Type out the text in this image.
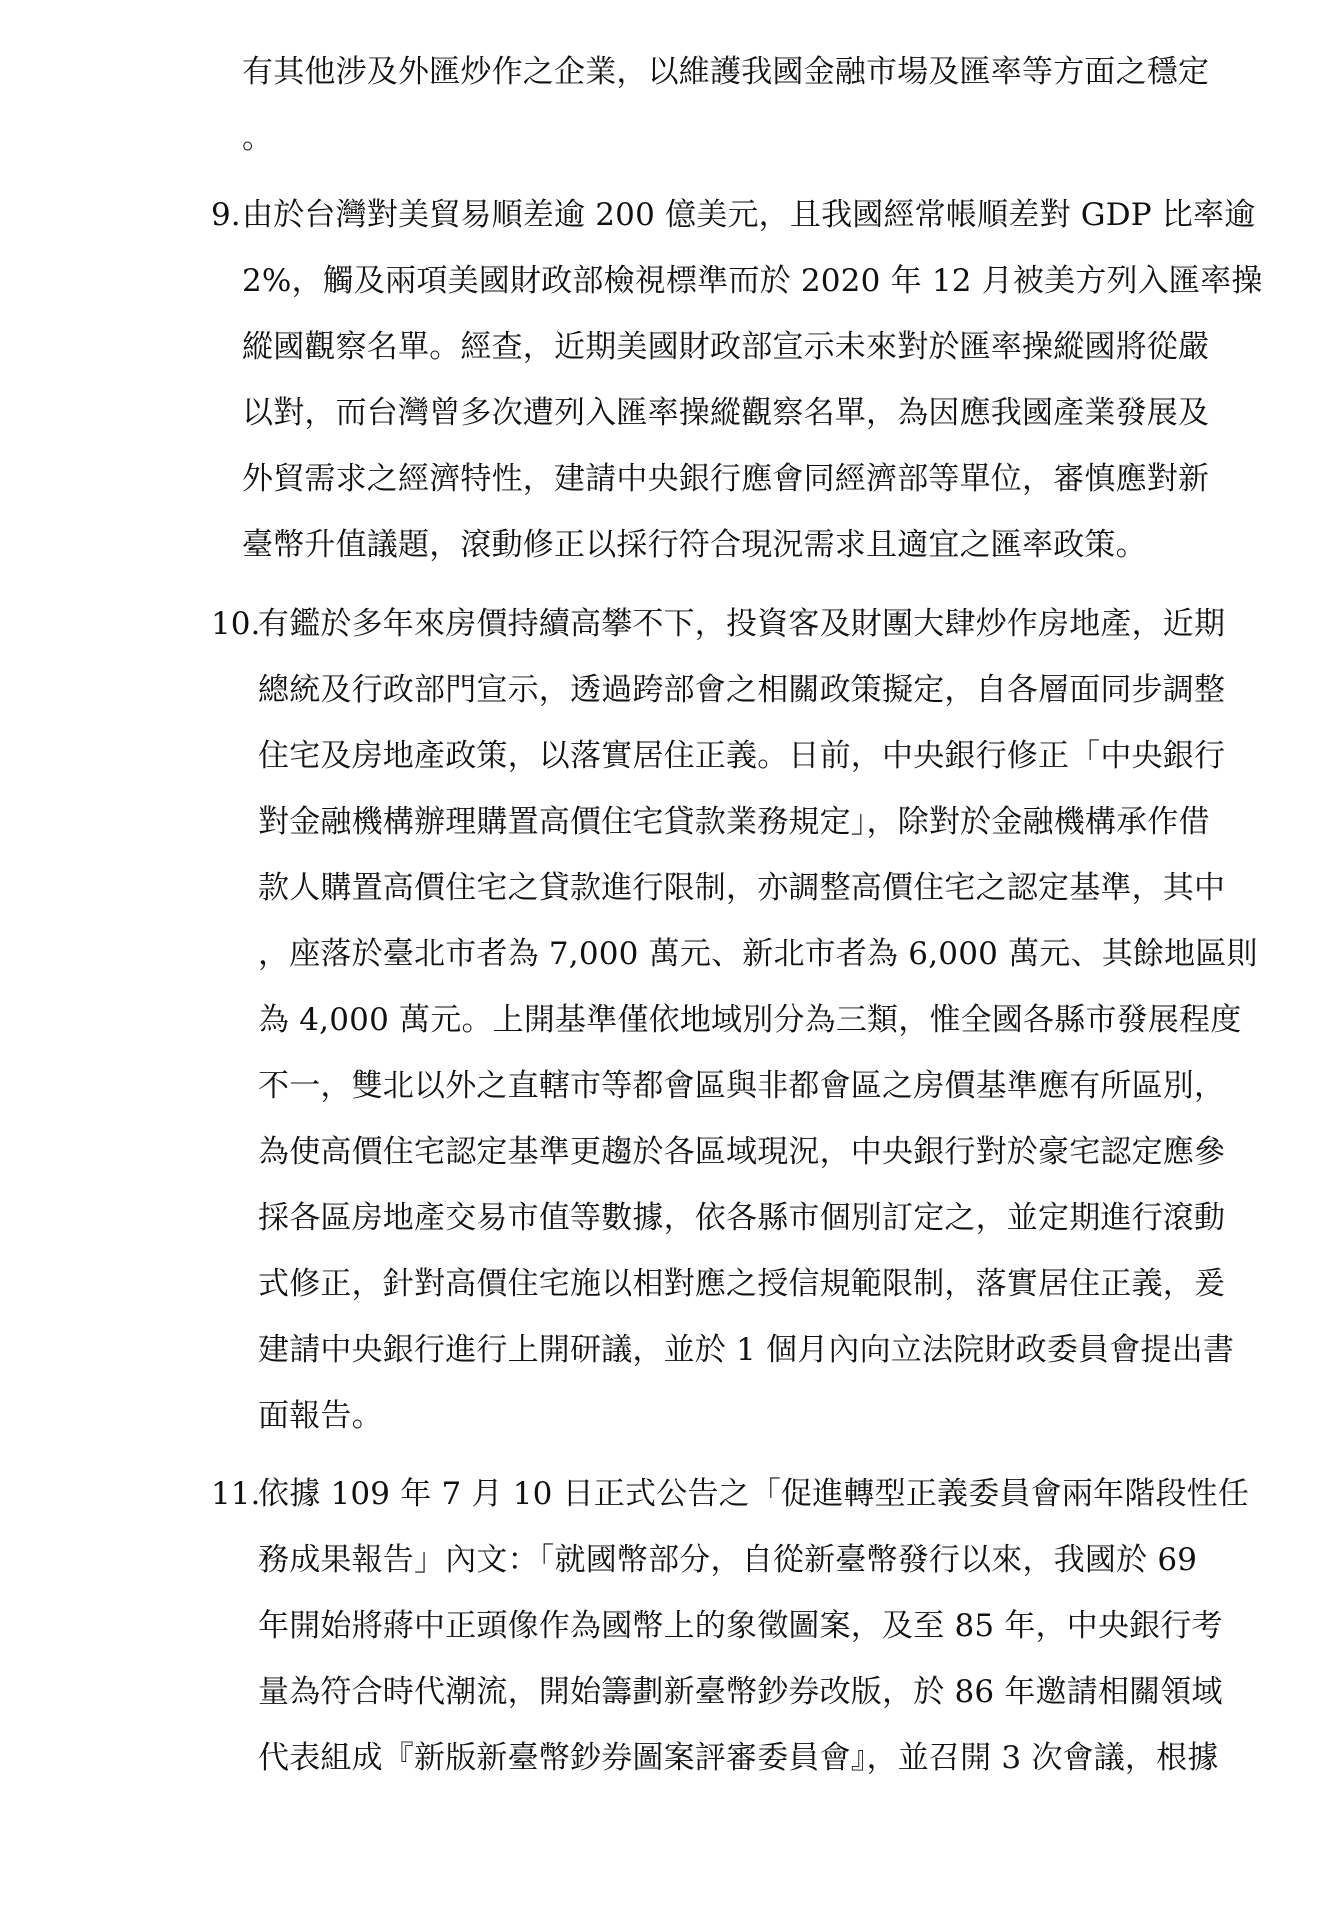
有其他涉及外匯炒作之企業，以維護我國金融市場及匯率等方面之穩定
。
9. 由於台灣對美貿易順差逾 200 億美元，且我國經常帳順差對 GDP 比率逾
2%，觸及兩項美國財政部檢視標準而於 2020 年 12 月被美方列入匯率操
縱國觀察名單。經查，近期美國財政部宣示未來對於匯率操縱國將從嚴
以對，而台灣曾多次遭列入匯率操縱觀察名單，為因應我國產業發展及
外貿需求之經濟特性，建請中央銀行應會同經濟部等單位，審慎應對新
臺幣升值議題，滾動修正以採行符合現況需求且適宜之匯率政策。
10.
有鑑於多年來房價持續高攀不下，投資客及財團大肆炒作房地產，近期
總統及行政部門宣示，透過跨部會之相關政策擬定，自各層面同步調整
住宅及房地產政策，以落實居住正義。日前，中央銀行修正「中央銀行
對金融機構辦理購置高價住宅貸款業務規定」，除對於金融機構承作借
款人購置高價住宅之貸款進行限制，亦調整高價住宅之認定基準，其中
，座落於臺北市者為 7,000 萬元、新北市者為 6,000 萬元、其餘地區則
為 4,000 萬元。上開基準僅依地域別分為三類，惟全國各縣市發展程度
不一，雙北以外之直轄市等都會區與非都會區之房價基準應有所區別，
為使高價住宅認定基準更趨於各區域現況，中央銀行對於豪宅認定應參
採各區房地產交易市值等數據，依各縣市個別訂定之，並定期進行滾動
式修正，針對高價住宅施以相對應之授信規範限制，落實居住正義，爰
建請中央銀行進行上開研議，並於 1 個月內向立法院財政委員會提出書
面報告。
11.
依據 109 年 7 月 10 日正式公告之「促進轉型正義委員會兩年階段性任
務成果報告」內文：「就國幣部分，自從新臺幣發行以來，我國於 69
年開始將蔣中正頭像作為國幣上的象徵圖案，及至 85 年，中央銀行考
量為符合時代潮流，開始籌劃新臺幣鈔券改版，於 86 年邀請相關領域
代表組成『新版新臺幣鈔券圖案評審委員會』，並召開 3 次會議，根據
